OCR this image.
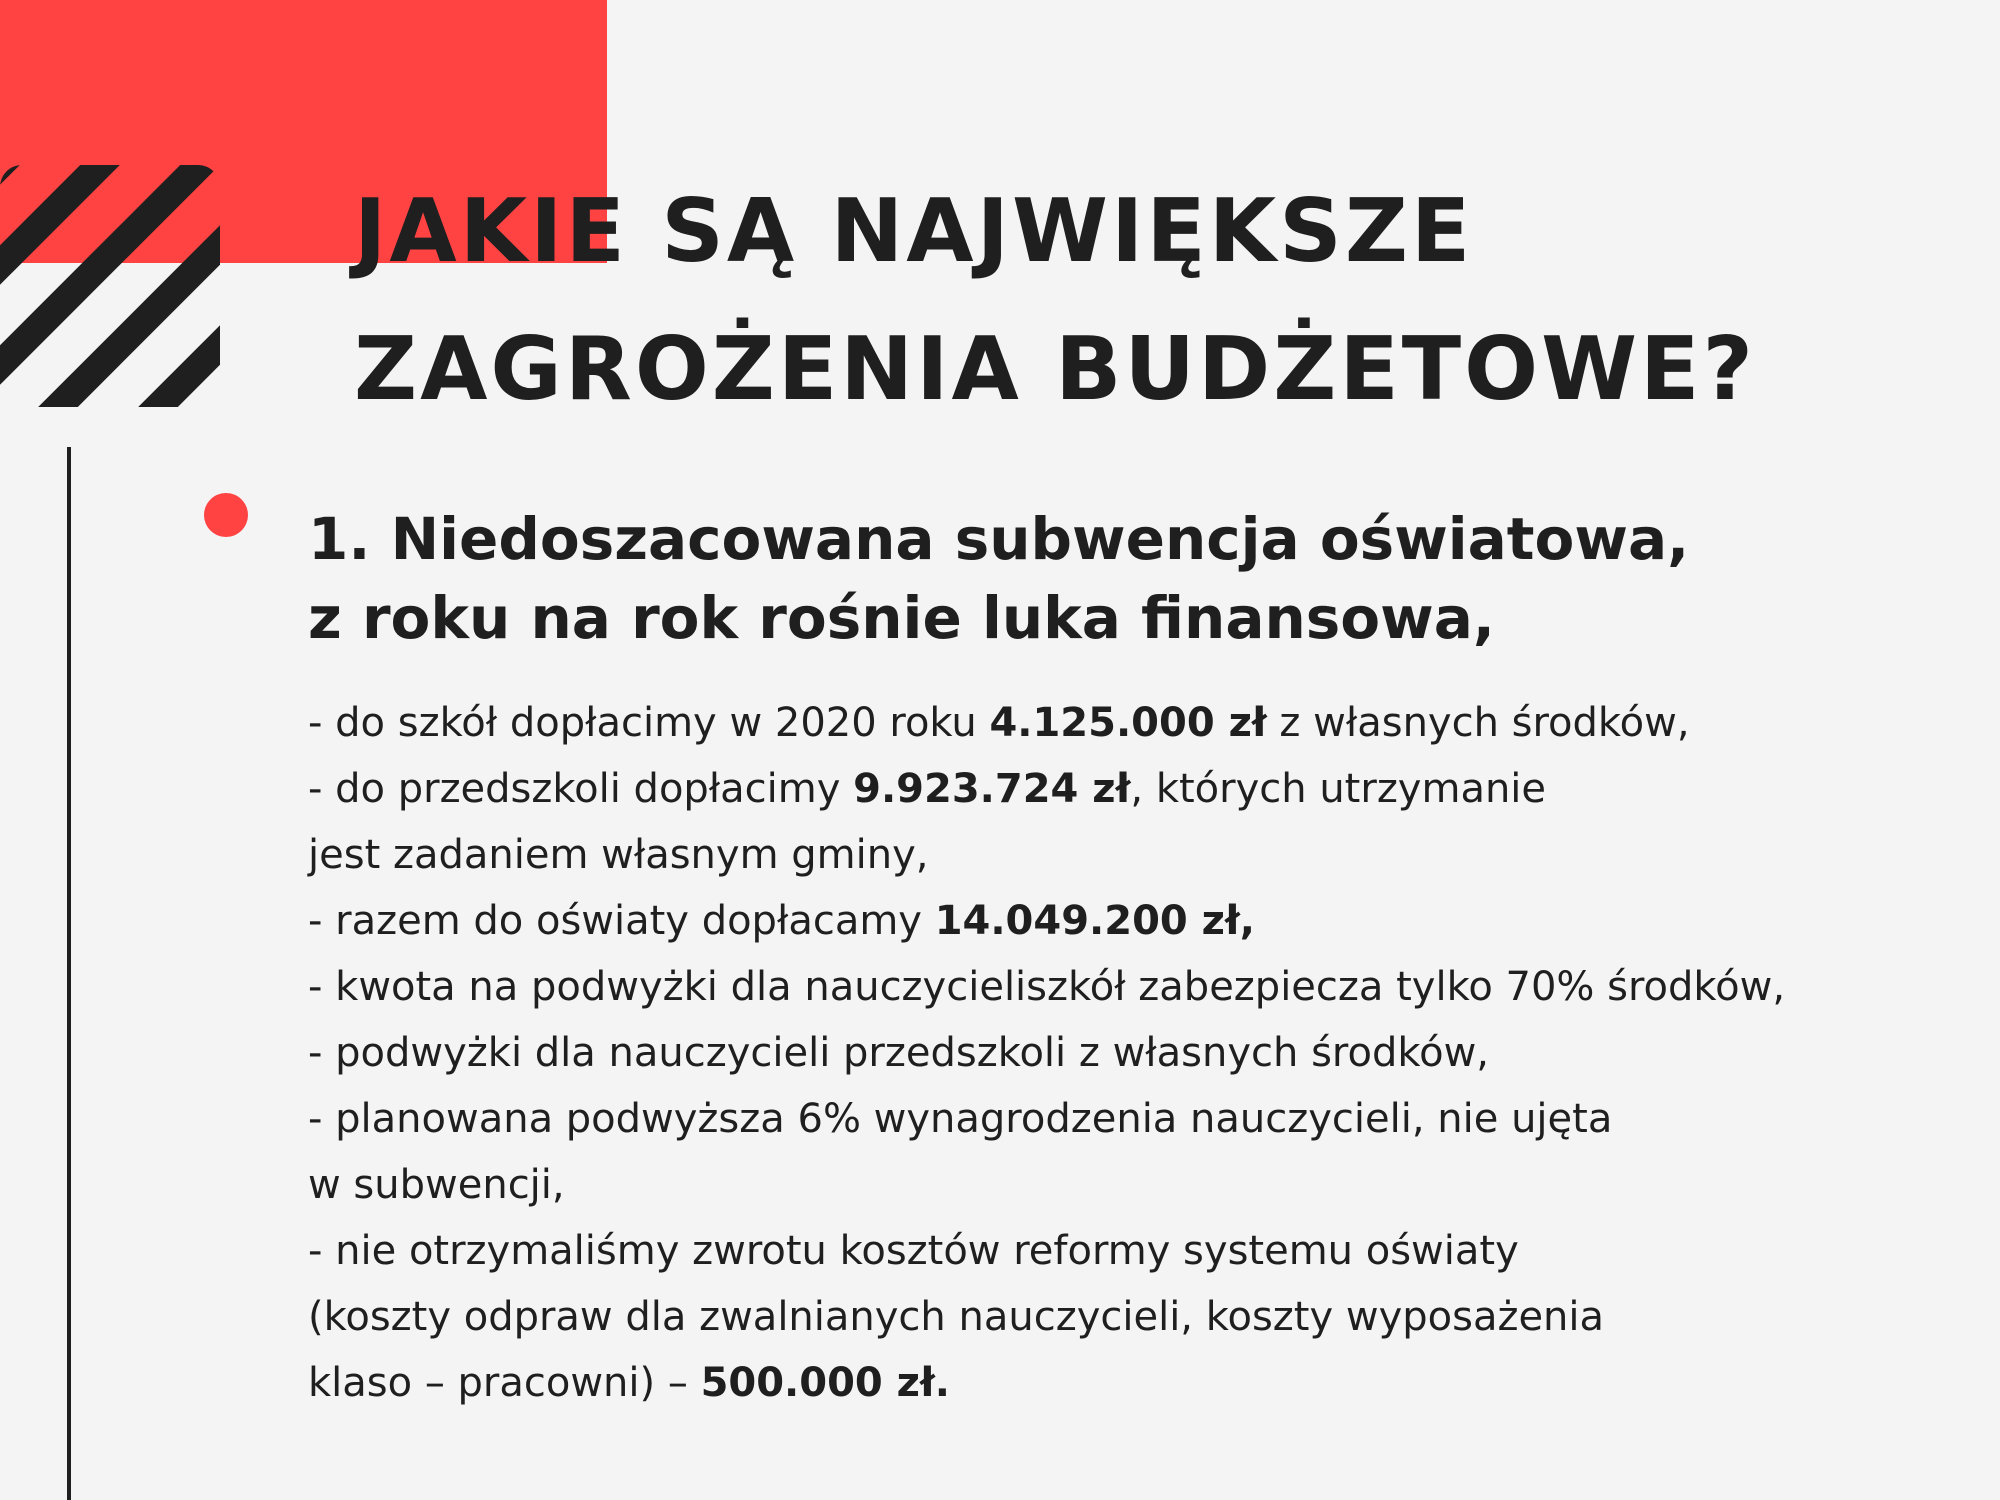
JAKIE SĄ NAJWIĘKSZE
ZAGROŻENIA BUDŻETOWE?
1. Niedoszacowana subwencja oświatowa,
z roku na rok rośnie luka finansowa,
- do szkół dopłacimy w 2020 roku 4.125.000 zł z własnych środków,
- do przedszkoli dopłacimy 9.923.724 zł, których utrzymanie
jest zadaniem własnym gminy,
- razem do oświaty dopłacamy 14.049.200 zł,
- kwota na podwyżki dla nauczycieliszkół zabezpiecza tylko 70% środków,
- podwyżki dla nauczycieli przedszkoli z własnych środków,
- planowana podwyższa 6% wynagrodzenia nauczycieli, nie ujęta
w subwencji,
- nie otrzymaliśmy zwrotu kosztów reformy systemu oświaty
(koszty odpraw dla zwalnianych nauczycieli, koszty wyposażenia
klaso – pracowni) – 500.000 zł.
